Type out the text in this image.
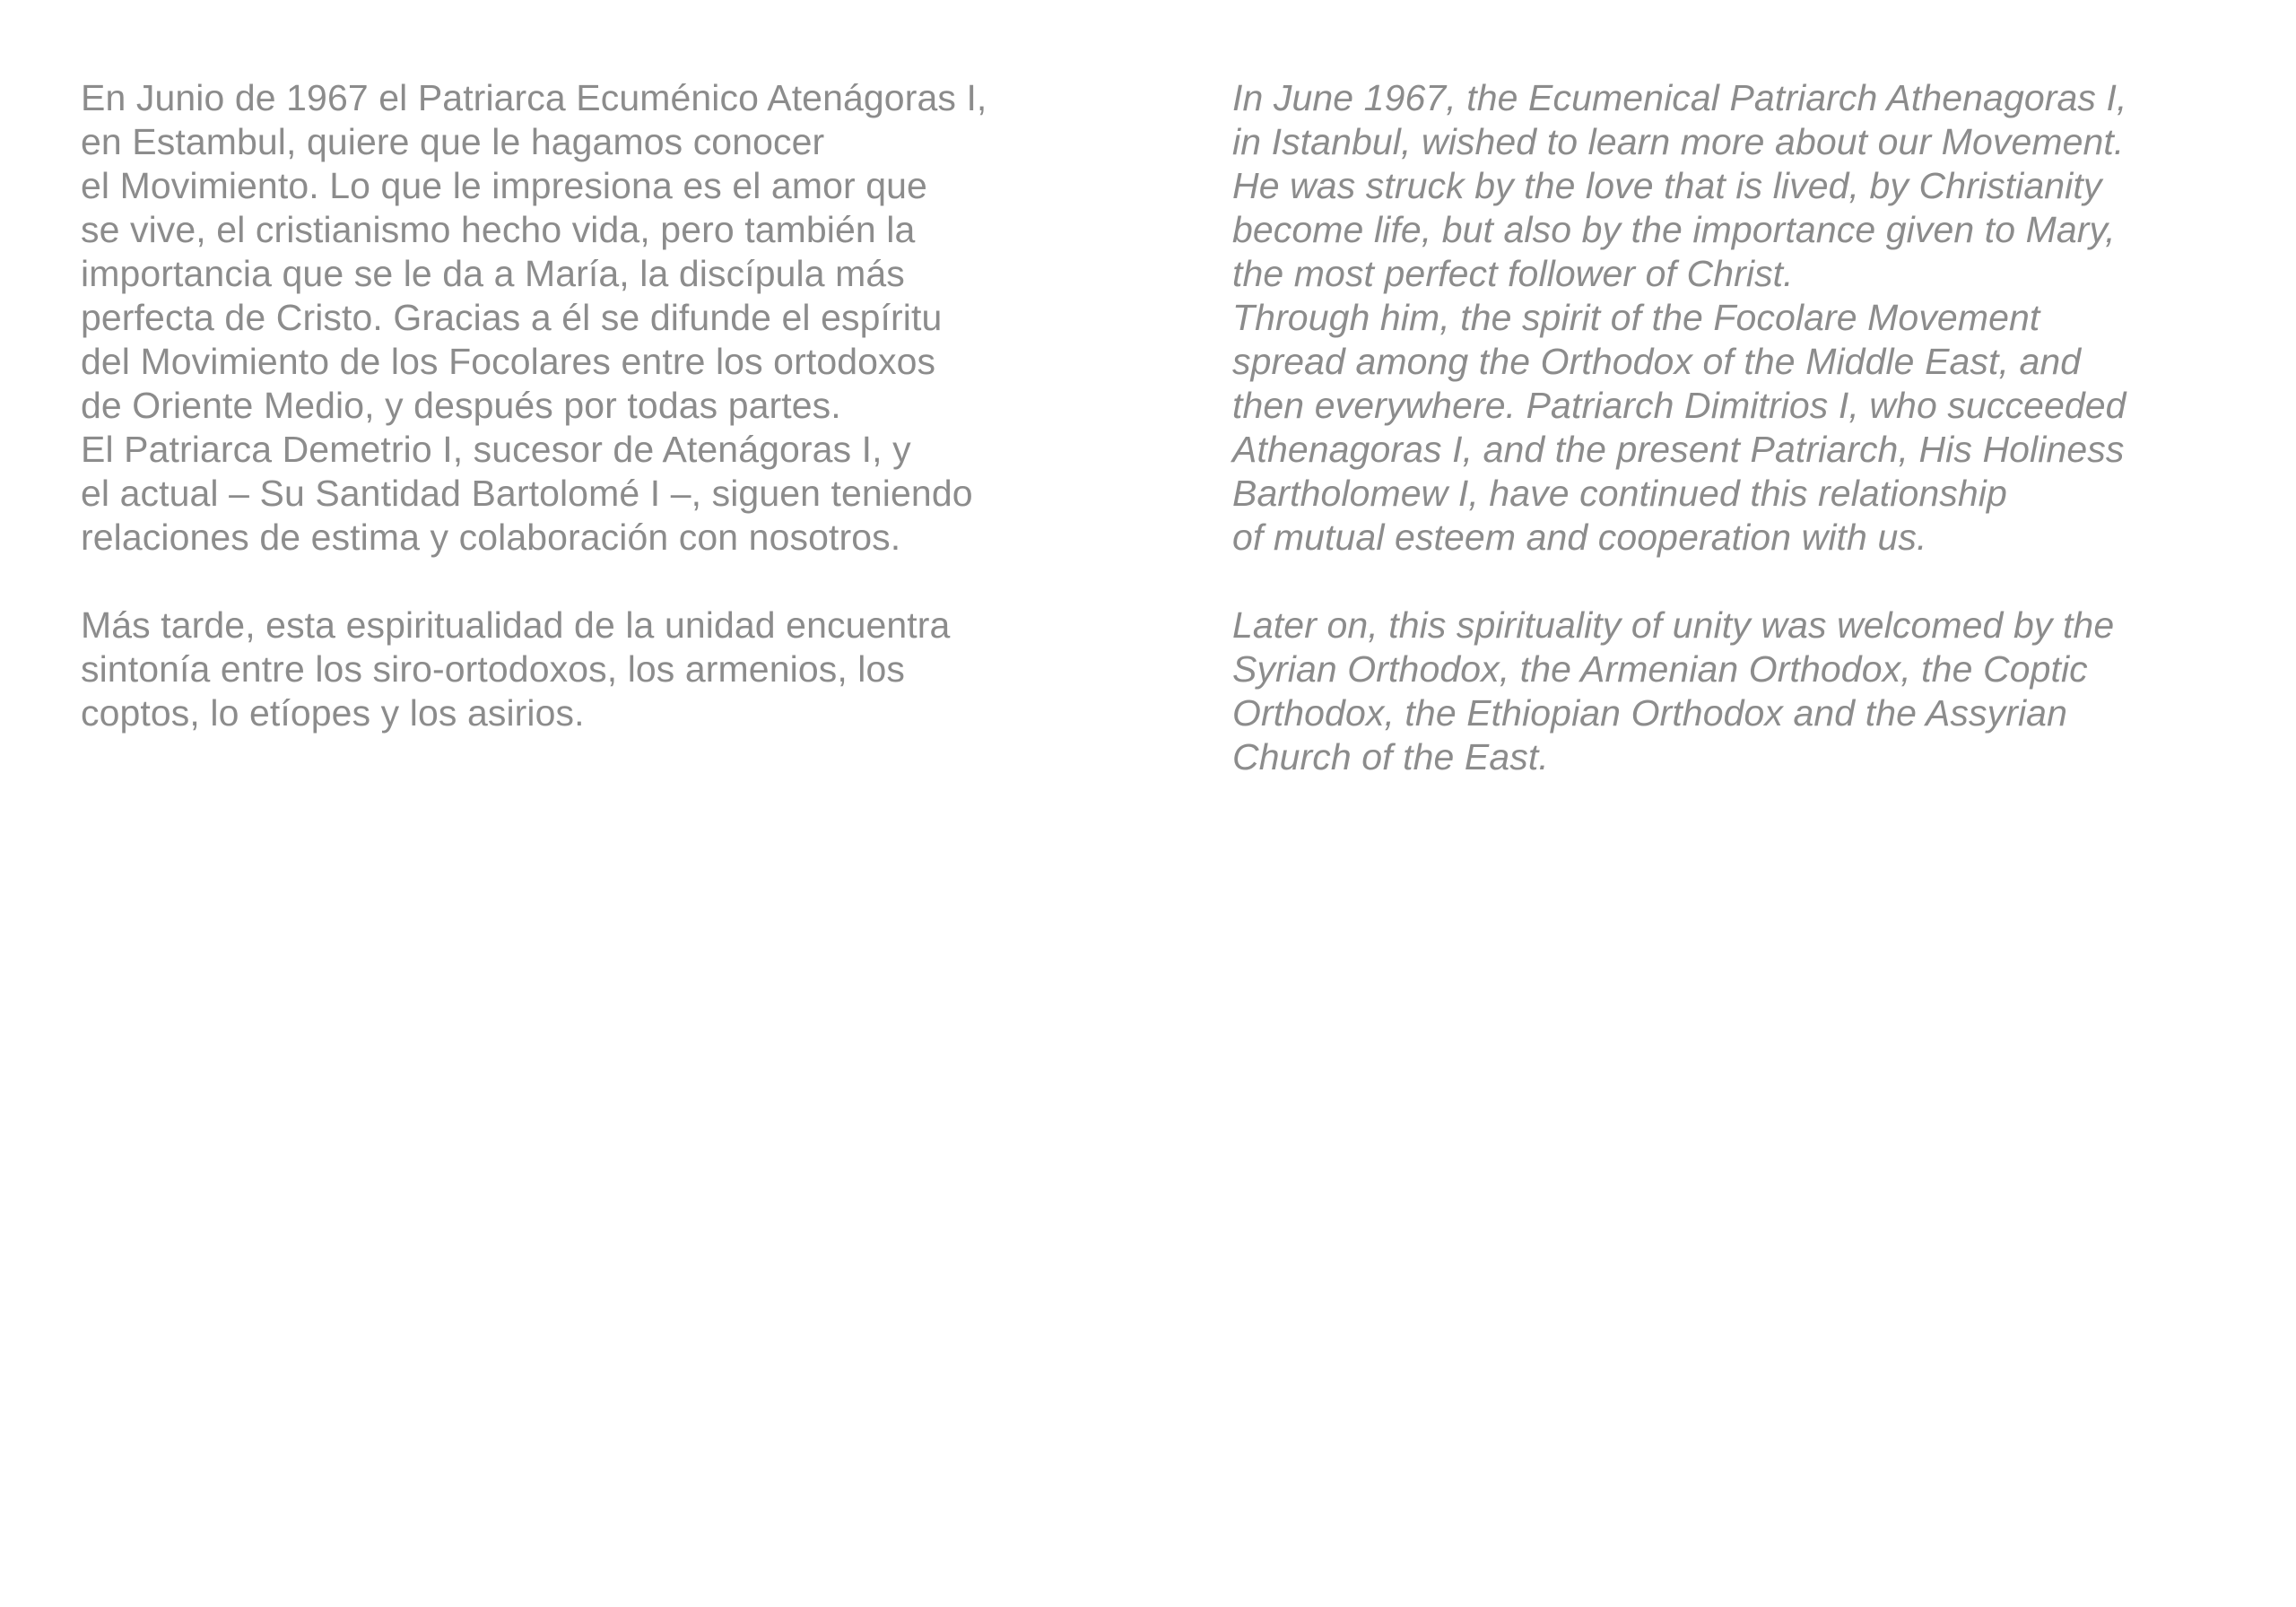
En Junio de 1967 el Patriarca Ecuménico Atenágoras I,
en Estambul, quiere que le hagamos conocer
el Movimiento. Lo que le impresiona es el amor que
se vive, el cristianismo hecho vida, pero también la
importancia que se le da a María, la discípula más
perfecta de Cristo. Gracias a él se difunde el espíritu
del Movimiento de los Focolares entre los ortodoxos
de Oriente Medio, y después por todas partes.
El Patriarca Demetrio I, sucesor de Atenágoras I, y
el actual – Su Santidad Bartolomé I –, siguen teniendo
relaciones de estima y colaboración con nosotros.

Más tarde, esta espiritualidad de la unidad encuentra
sintonía entre los siro-ortodoxos, los armenios, los
coptos, lo etíopes y los asirios.

In June 1967, the Ecumenical Patriarch Athenagoras I,
in Istanbul, wished to learn more about our Movement.
He was struck by the love that is lived, by Christianity
become life, but also by the importance given to Mary,
the most perfect follower of Christ.
Through him, the spirit of the Focolare Movement
spread among the Orthodox of the Middle East, and
then everywhere. Patriarch Dimitrios I, who succeeded
Athenagoras I, and the present Patriarch, His Holiness
Bartholomew I, have continued this relationship
of mutual esteem and cooperation with us.

Later on, this spirituality of unity was welcomed by the
Syrian Orthodox, the Armenian Orthodox, the Coptic
Orthodox, the Ethiopian Orthodox and the Assyrian
Church of the East.
